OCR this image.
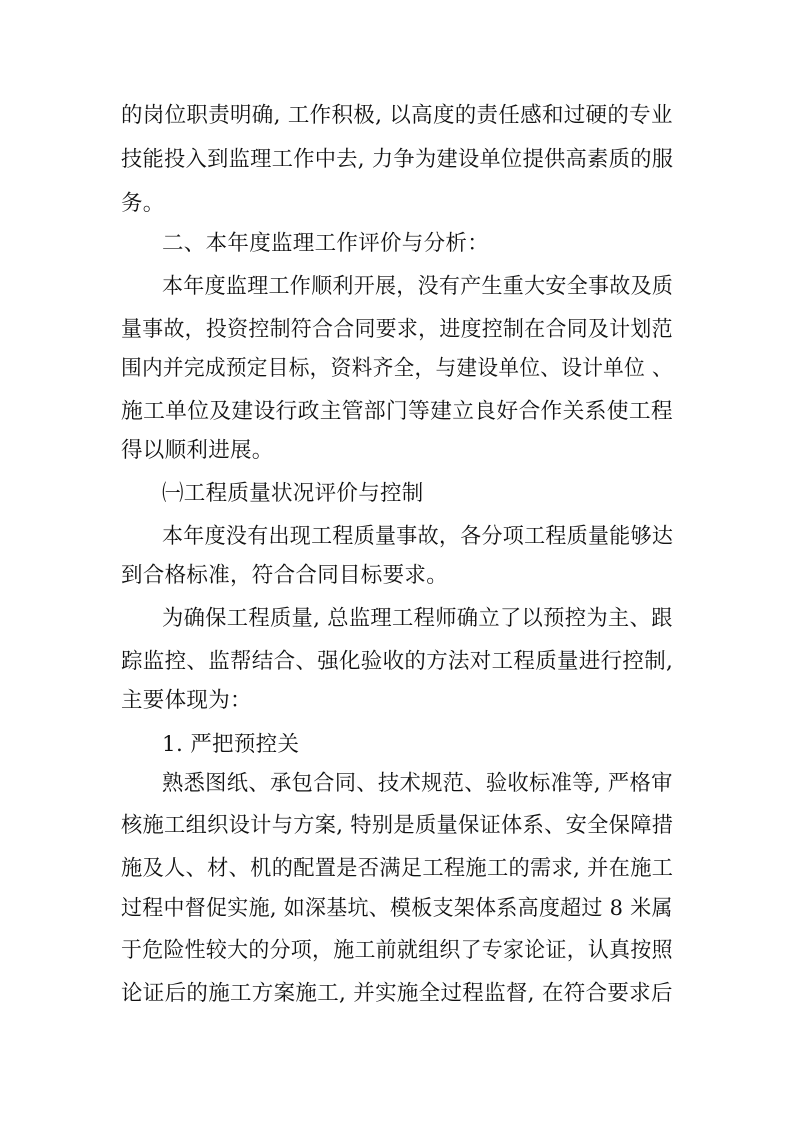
的岗位职责明确, 工作积极, 以高度的责任感和过硬的专业
技能投入到监理工作中去, 力争为建设单位提供高素质的服
务。
二、本年度监理工作评价与分析：
本年度监理工作顺利开展，没有产生重大安全事故及质
量事故，投资控制符合合同要求，进度控制在合同及计划范
围内并完成预定目标，资料齐全，与建设单位、设计单位 、
施工单位及建设行政主管部门等建立良好合作关系使工程
得以顺利进展。
㈠工程质量状况评价与控制
本年度没有出现工程质量事故，各分项工程质量能够达
到合格标准，符合合同目标要求。
为确保工程质量, 总监理工程师确立了以预控为主、跟
踪监控、监帮结合、强化验收的方法对工程质量进行控制,
主要体现为：
1. 严把预控关
熟悉图纸、承包合同、技术规范、验收标准等, 严格审
核施工组织设计与方案, 特别是质量保证体系、安全保障措
施及人、材、机的配置是否满足工程施工的需求, 并在施工
过程中督促实施, 如深基坑、模板支架体系高度超过 8 米属
于危险性较大的分项，施工前就组织了专家论证，认真按照
论证后的施工方案施工, 并实施全过程监督, 在符合要求后
